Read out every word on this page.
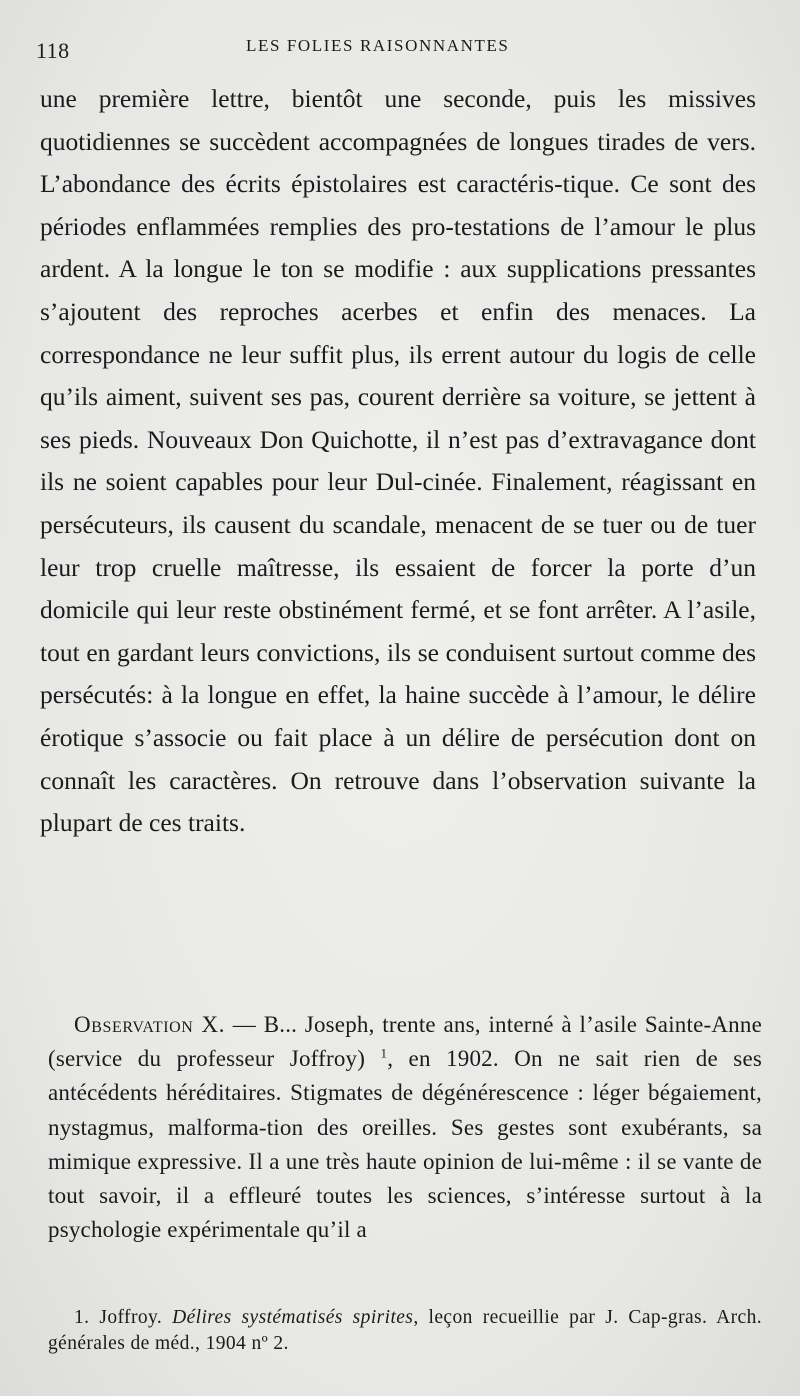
118	LES FOLIES RAISONNANTES

une première lettre, bientôt une seconde, puis les missives quotidiennes se succèdent accompagnées de longues tirades de vers. L’abondance des écrits épistolaires est caractéris-tique. Ce sont des périodes enflammées remplies des pro-testations de l’amour le plus ardent. A la longue le ton se modifie : aux supplications pressantes s’ajoutent des reproches acerbes et enfin des menaces. La correspondance ne leur suffit plus, ils errent autour du logis de celle qu’ils aiment, suivent ses pas, courent derrière sa voiture, se jettent à ses pieds. Nouveaux Don Quichotte, il n’est pas d’extravagance dont ils ne soient capables pour leur Dul-cinée. Finalement, réagissant en persécuteurs, ils causent du scandale, menacent de se tuer ou de tuer leur trop cruelle maîtresse, ils essaient de forcer la porte d’un domicile qui leur reste obstinément fermé, et se font arrêter. A l’asile, tout en gardant leurs convictions, ils se conduisent surtout comme des persécutés: à la longue en effet, la haine succède à l’amour, le délire érotique s’associe ou fait place à un délire de persécution dont on connaît les caractères. On retrouve dans l’observation suivante la plupart de ces traits.

Observation X. — B... Joseph, trente ans, interné à l’asile Sainte-Anne (service du professeur Joffroy) $^1$, en 1902. On ne sait rien de ses antécédents héréditaires. Stigmates de dégénérescence : léger bégaiement, nystagmus, malforma-tion des oreilles. Ses gestes sont exubérants, sa mimique expressive. Il a une très haute opinion de lui-même : il se vante de tout savoir, il a effleuré toutes les sciences, s’intéresse surtout à la psychologie expérimentale qu’il a

1. Joffroy. Délires systématisés spirites, leçon recueillie par J. Cap-gras. Arch. générales de méd., 1904 nº 2.
